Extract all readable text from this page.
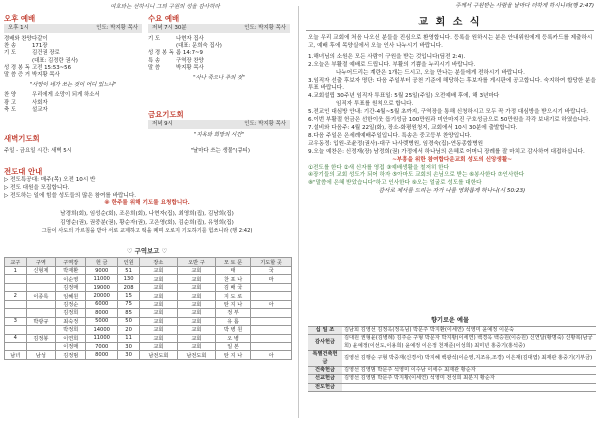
여호와는 선하시니 그의 구원의 성을 감사하라
오후 예배
오후 1시	인도: 박지황 목사
경배와 찬양 다같이
찬 송	171장
기 도	김건권 장로
(대표: 김정란 권사)
성 경 봉 독 고전 15:53~56
말 씀 증 거 박지황 목사
"사망이 네가 쏘는 것이 어디 있느냐"
찬 양	우리에게 소망이 되게 하소서
광 고	사회자
축 도	설교자
수요 예배
저녁 7시 30분	인도: 박지황 목사
기 도	나현자 집사
(대표: 문희숙 집사)
성 경 봉 독 롬 14:7~9
특 송	구역장 찬양
말 씀	박지황 목사
"사나 죽으나 주의 것"
금요기도회
저녁 9시	인도: 박지황 목사
"지옥와 희망의 시간"
새벽기도회
주일 - 금요일 시간: 새벽 5시	"날마다 쓰는 생물"(큐티)
전도대 안내
▷ 전도특공대: 매주(목) 오전 10시 반
▷ 전도 대원을 모집합니다.
▷ 전도하는 일에 힘쓸 성도들의 많은 참여를 바랍니다.
※ 한주를 위해 기도를 요청합니다.
남경희(회), 임성순(회), 조은희(회), 나현자(집), 최영희(집), 김남희(집)
김영순(권), 권중분(권), 황순자(권), 고은영(회), 김순희(집), 유영희(집)
그들이 사도의 가르침을 받아 서로 교제하고 떡을 떼며 오로지 기도하기를 힘쓰니라 (행 2:42)
♡ 구역보고 ♡
교구	구역	구역장	헌 금	인원	장소	오반 구	모 토 문	기도할 곳
1	신형제	박재환	9000	51	교회	교회	태	국
		이순영	11000	130	교회	교회	찬 포 나	마
		김정매	19000	208	교회	교회	김 배 국	
2	이종록	임혜원	20000	15	교회	교회	지 도 로	
		김정순	6000	75	교회	교회	탄 지 나	아
		김정희	8000	85	교회	교회	정 부	
3	박광규	최숙정	5000	50	교회	교회	유 롭	
		박정희	14000	20	교회	교회	박 병 원	
4	김정봉	이연희	11000	11	교회	교회	오 병	
		이정매	7000	30	교회	교회	일 본	
남녀	남성	김정범	8000	30	남전도회	남전도회	탄 지 나	아
주께서 구원받는 사람을 날마다 더하게 하시니라(행 2:47)
교 회 소 식

오늘 우리 교회에 처음 나오신 분들을 진심으로 환영합니다. 등록을 원하시는 분은 안내위원에게 등록카드를 제출하시고, 예배 후에 목양실에서 오늘 인사 나누시기 바랍니다.

1.해녀님의 소원은 모든 사람이 구원을 받는 것입니다(딤전 2:4).

2.오늘은 부활절 예배로 드립니다. 부활의 기쁨을 누리시기 바랍니다.

나누어드리는 계란은 1개는 드시고, 오늘 만나는 분들에게 전하시기 바랍니다.

3.임직자 선출 후보자 명단: 다음 주일부터 공천 기준에 해당하는 후보자를 게시판에 공고합니다. 숙지하여 합당한 분을 투표 바랍니다.

4.교회설립 30주년 임직자 투표일: 5월 25일(주일) 오전예배 후에, 해 3년마다

임직자 투표를 원칙으로 합니다.

5.전교인 대심방 안내: 기간-4월~5월 초까지, 구역장을 통해 신청하시고 모두 꼭 가정 대심방을 받으시기 바랍니다.

6.이번 부활절 헌금은 선한이웃 돕기성금 100만원과 미안마지진 구호성금으로 50만원을 각각 보내기로 하였습니다.

7.설비와 다음주: 4월 22일(화), 장소-화평원청지, 교회에서 10시 30분에 출발합니다.

8.다음 주일은 은세례예배주일입니다. 특송은 중고등부 찬양입니다.

교우동정: 입원-조윤정(권사)-대구 나사렛병원, 임경숙(집)-연동종합병원

9.오늘 예찬은: 신정재(장) 남정희(권) 가정에서 하나님의 은혜로 어머니 장례를 잘 마치고 감사하여 대접하십니다.

~부흥을 위한 참여합다운교회 성도의 신앙생활~

①전도를 한다 ②새 신자를 영접 ③예배생활을 철저히 한다

④장기들의 교회 성도가 되어 하자 ⑤아마도 교회의 손님으로 받는 ⑥봉사한다 ⑦인사한다

⑧"말씀에 은혜 받았습니다"하고 인사한다 ⑨오는 얼굴로 성도를 대한다

감사로 제사를 드리는 자가 나를 영화롭게 하나니(시 50:23)

향기로운 예물
십 일 조	김남희 김영선 김정옥(정옥님) 박문주 박지환(이세연) 석영미 윤예정 이문숙
감사헌금	김대원 권형윤(김병례) 김주순 구형 박문자 박지황(이세연) 백경옥 백승원(이승원) 신연달(황명숙) 신황복(남궁희) 윤예정(이선도,이용희) 윤예정 이은정 천재준(이성희) 최미년 홍중기(홍석중)
특별건축헌 금	김영선 김행순 구형 박중재(신경서) 박지혜 백광석(이순영,지조유,조경) 이은재(김대엽) 최재관 홍중기(기부금)
건축헌금	김영선 김영범 박문주 석영미 이수남 이세수 최재관 황순자
선교헌금	김영선 김영범 박문주 박지황(이세연) 석영미 전성희 최분지 황순자
전도헌금	
